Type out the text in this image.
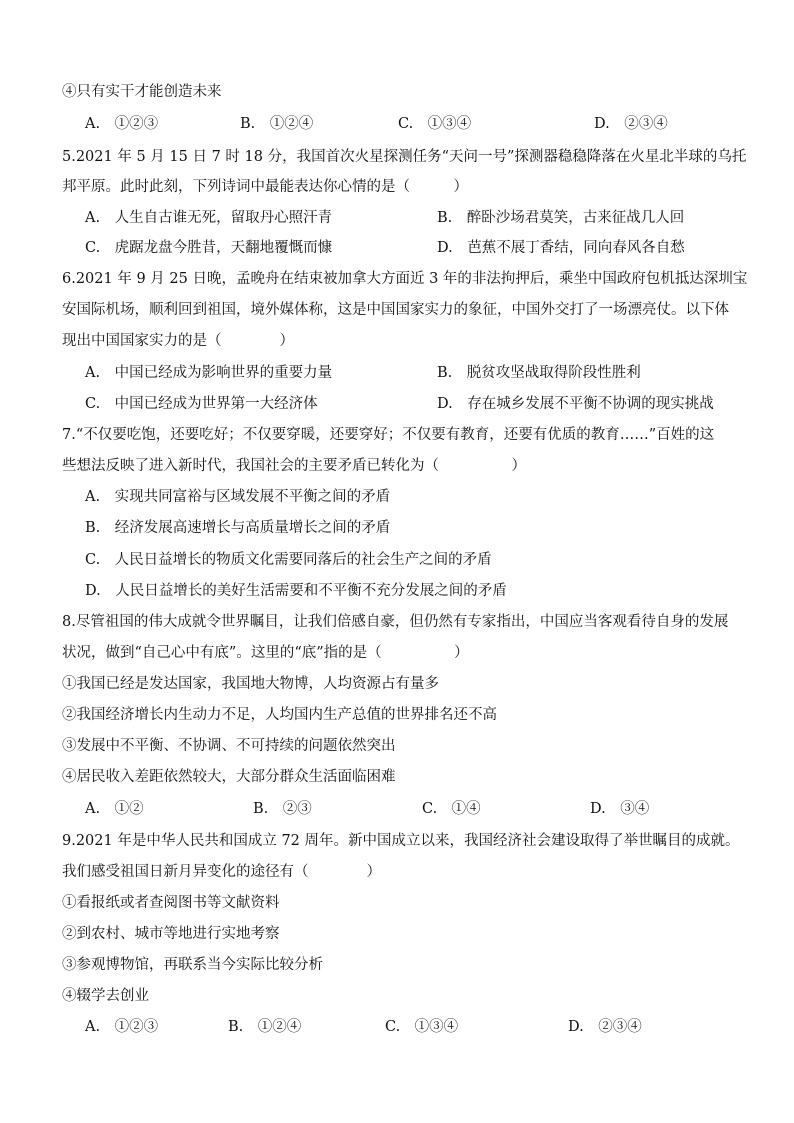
④只有实干才能创造未来
A.　①②③	B.　①②④	C.　①③④	D.　②③④
5.2021 年 5 月 15 日 7 时 18 分，我国首次火星探测任务“天问一号”探测器稳稳降落在火星北半球的乌托
邦平原。此时此刻，下列诗词中最能表达你心情的是（　　　）
A.　人生自古谁无死，留取丹心照汗青	B.　醉卧沙场君莫笑，古来征战几人回
C.　虎踞龙盘今胜昔，天翻地覆慨而慷	D.　芭蕉不展丁香结，同向春风各自愁
6.2021 年 9 月 25 日晚，孟晚舟在结束被加拿大方面近 3 年的非法拘押后，乘坐中国政府包机抵达深圳宝
安国际机场，顺利回到祖国，境外媒体称，这是中国国家实力的象征，中国外交打了一场漂亮仗。以下体
现出中国国家实力的是（　　　　）
A.　中国已经成为影响世界的重要力量	B.　脱贫攻坚战取得阶段性胜利
C.　中国已经成为世界第一大经济体	D.　存在城乡发展不平衡不协调的现实挑战
7.“不仅要吃饱，还要吃好；不仅要穿暖，还要穿好；不仅要有教育，还要有优质的教育……”百姓的这
些想法反映了进入新时代，我国社会的主要矛盾已转化为（　　　　　）
A.　实现共同富裕与区域发展不平衡之间的矛盾
B.　经济发展高速增长与高质量增长之间的矛盾
C.　人民日益增长的物质文化需要同落后的社会生产之间的矛盾
D.　人民日益增长的美好生活需要和不平衡不充分发展之间的矛盾
8.尽管祖国的伟大成就令世界瞩目，让我们倍感自豪，但仍然有专家指出，中国应当客观看待自身的发展
状况，做到“自己心中有底”。这里的“底”指的是（　　　　　）
①我国已经是发达国家，我国地大物博，人均资源占有量多
②我国经济增长内生动力不足，人均国内生产总值的世界排名还不高
③发展中不平衡、不协调、不可持续的问题依然突出
④居民收入差距依然较大，大部分群众生活面临困难
A.　①②	B.　②③	C.　①④	D.　③④
9.2021 年是中华人民共和国成立 72 周年。新中国成立以来，我国经济社会建设取得了举世瞩目的成就。
我们感受祖国日新月异变化的途径有（　　　　）
①看报纸或者查阅图书等文献资料
②到农村、城市等地进行实地考察
③参观博物馆，再联系当今实际比较分析
④辍学去创业
A.　①②③	B.　①②④	C.　①③④	D.　②③④
